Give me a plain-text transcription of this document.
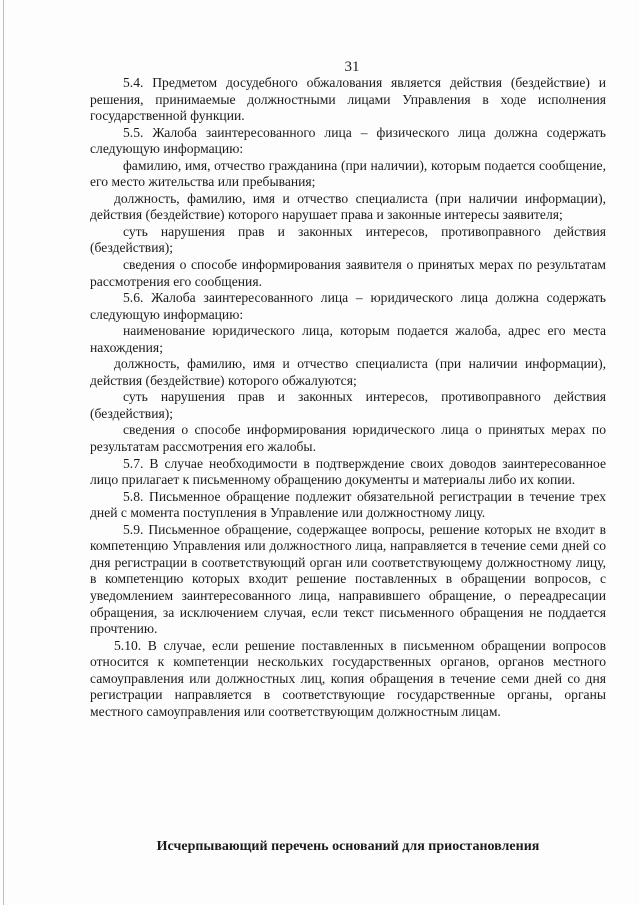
31

5.4. Предметом досудебного обжалования является действия (бездействие) и решения, принимаемые должностными лицами Управления в ходе исполнения государственной функции.

5.5. Жалоба заинтересованного лица – физического лица должна содержать следующую информацию:

фамилию, имя, отчество гражданина (при наличии), которым подается сообщение, его место жительства или пребывания;

должность, фамилию, имя и отчество специалиста (при наличии информации), действия (бездействие) которого нарушает права и законные интересы заявителя;

суть нарушения прав и законных интересов, противоправного действия (бездействия);

сведения о способе информирования заявителя о принятых мерах по результатам рассмотрения его сообщения.

5.6. Жалоба заинтересованного лица – юридического лица должна содержать следующую информацию:

наименование юридического лица, которым подается жалоба, адрес его места нахождения;

должность, фамилию, имя и отчество специалиста (при наличии информации), действия (бездействие) которого обжалуются;

суть нарушения прав и законных интересов, противоправного действия (бездействия);

сведения о способе информирования юридического лица о принятых мерах по результатам рассмотрения его жалобы.

5.7. В случае необходимости в подтверждение своих доводов заинтересованное лицо прилагает к письменному обращению документы и материалы либо их копии.

5.8. Письменное обращение подлежит обязательной регистрации в течение трех дней с момента поступления в Управление или должностному лицу.

5.9. Письменное обращение, содержащее вопросы, решение которых не входит в компетенцию Управления или должностного лица, направляется в течение семи дней со дня регистрации в соответствующий орган или соответствующему должностному лицу, в компетенцию которых входит решение поставленных в обращении вопросов, с уведомлением заинтересованного лица, направившего обращение, о переадресации обращения, за исключением случая, если текст письменного обращения не поддается прочтению.

5.10. В случае, если решение поставленных в письменном обращении вопросов относится к компетенции нескольких государственных органов, органов местного самоуправления или должностных лиц, копия обращения в течение семи дней со дня регистрации направляется в соответствующие государственные органы, органы местного самоуправления или соответствующим должностным лицам.

Исчерпывающий перечень оснований для приостановления
